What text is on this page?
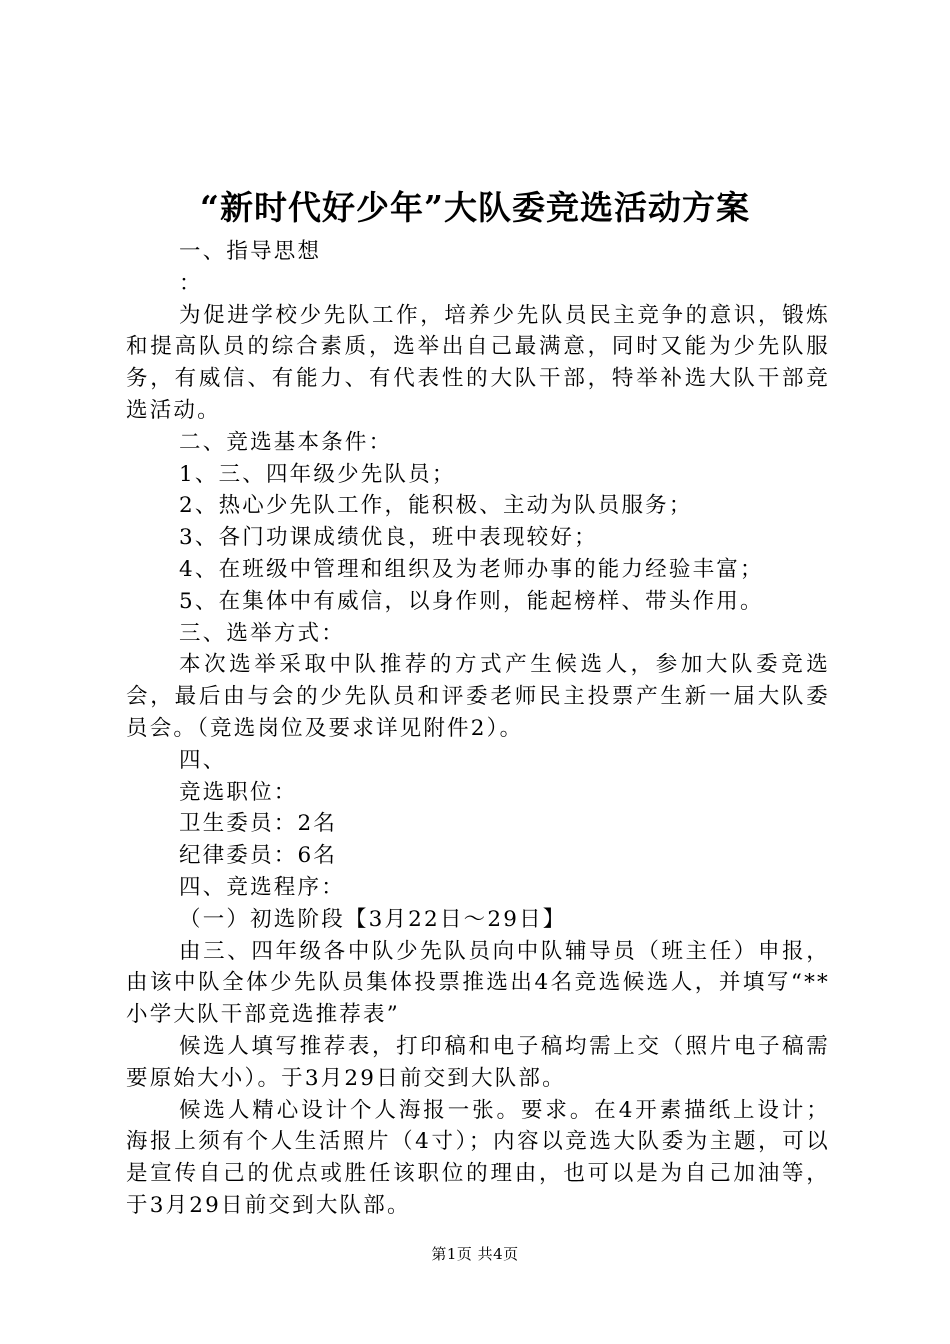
“新时代好少年”大队委竞选活动方案

一、指导思想

：

为促进学校少先队工作，培养少先队员民主竞争的意识，锻炼和提高队员的综合素质，选举出自己最满意，同时又能为少先队服务，有威信、有能力、有代表性的大队干部，特举补选大队干部竞选活动。

二、竞选基本条件：

1、三、四年级少先队员；

2、热心少先队工作，能积极、主动为队员服务；

3、各门功课成绩优良，班中表现较好；

4、在班级中管理和组织及为老师办事的能力经验丰富；

5、在集体中有威信，以身作则，能起榜样、带头作用。

三、选举方式：

本次选举采取中队推荐的方式产生候选人，参加大队委竞选会，最后由与会的少先队员和评委老师民主投票产生新一届大队委员会。（竞选岗位及要求详见附件2）。

四、

竞选职位：

卫生委员：2名

纪律委员：6名

四、竞选程序：

（一）初选阶段【3月22日～29日】

由三、四年级各中队少先队员向中队辅导员（班主任）申报，由该中队全体少先队员集体投票推选出4名竞选候选人，并填写“**小学大队干部竞选推荐表”

候选人填写推荐表，打印稿和电子稿均需上交（照片电子稿需要原始大小）。于3月29日前交到大队部。

候选人精心设计个人海报一张。要求。在4开素描纸上设计；海报上须有个人生活照片（4寸）；内容以竞选大队委为主题，可以是宣传自己的优点或胜任该职位的理由，也可以是为自己加油等，于3月29日前交到大队部。

第1页 共4页
